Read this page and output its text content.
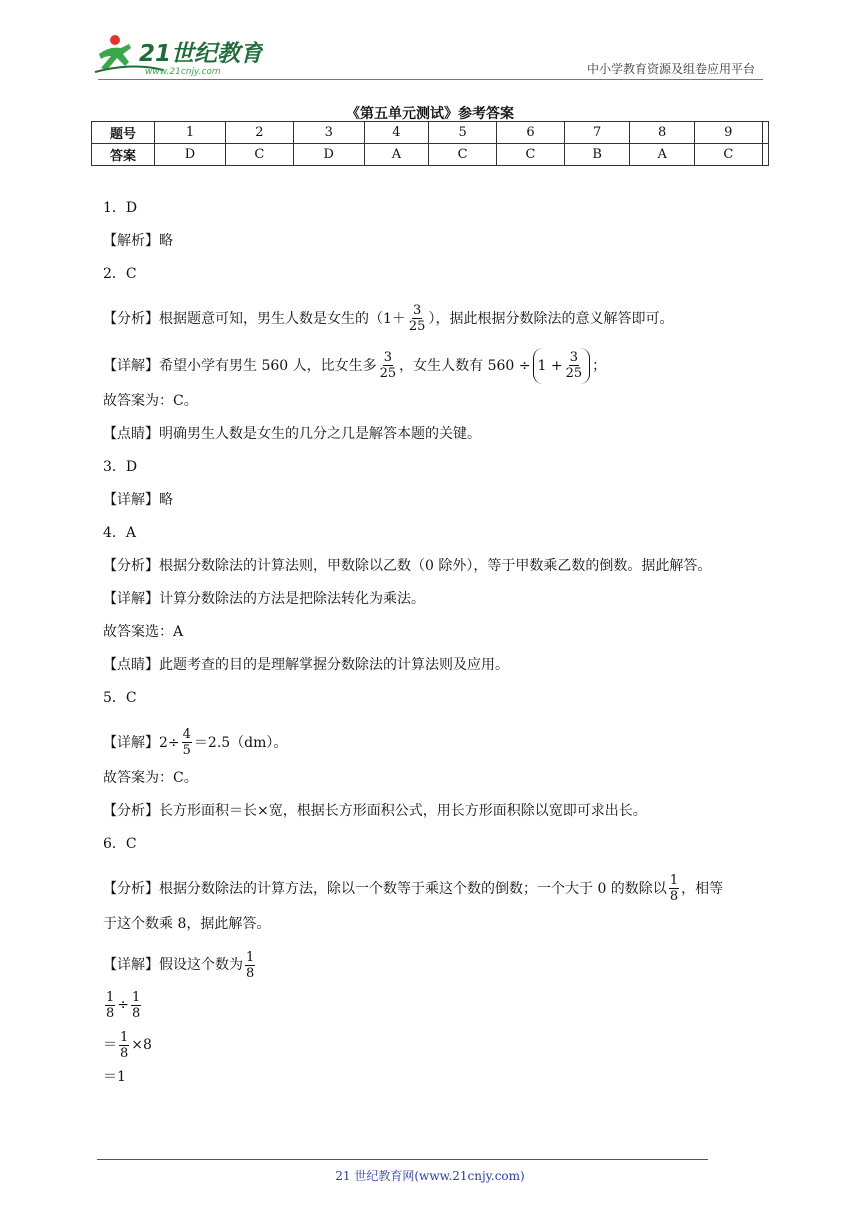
21世纪教育
www.21cnjy.com	中小学教育资源及组卷应用平台
《第五单元测试》参考答案
题号	1	2	3	4	5	6	7	8	9	
答案	D	C	D	A	C	C	B	A	C	
1．D
【解析】略
2．C
【分析】根据题意可知，男生人数是女生的（$1+ \frac{3}{25}$ ），据此根据分数除法的意义解答即可。
【详解】希望小学有男生 560 人，比女生多 $\frac{3}{25}$ ，女生人数有 $560 \div 1 + \frac{3}{25}$ ；
故答案为：C。
【点睛】明确男生人数是女生的几分之几是解答本题的关键。
3．D
【详解】略
4．A
【分析】根据分数除法的计算法则，甲数除以乙数（0 除外），等于甲数乘乙数的倒数。据此解答。
【详解】计算分数除法的方法是把除法转化为乘法。
故答案选：A
【点睛】此题考查的目的是理解掌握分数除法的计算法则及应用。
5．C
【详解】$2\div \frac{4}{5} =2.5(dm)$。
故答案为：C。
【分析】长方形面积＝长×宽，根据长方形面积公式，用长方形面积除以宽即可求出长。
6．C
【分析】根据分数除法的计算方法，除以一个数等于乘这个数的倒数；一个大于 0 的数除以 $\frac{1}{8}$ ，相等
于这个数乘 8，据此解答。
【详解】假设这个数为 $\frac{1}{8}$
$\frac{1}{8} \div \frac{1}{8}$
＝ $\frac{1}{8} \times 8$
＝1
21 世纪教育网(www.21cnjy.com)
